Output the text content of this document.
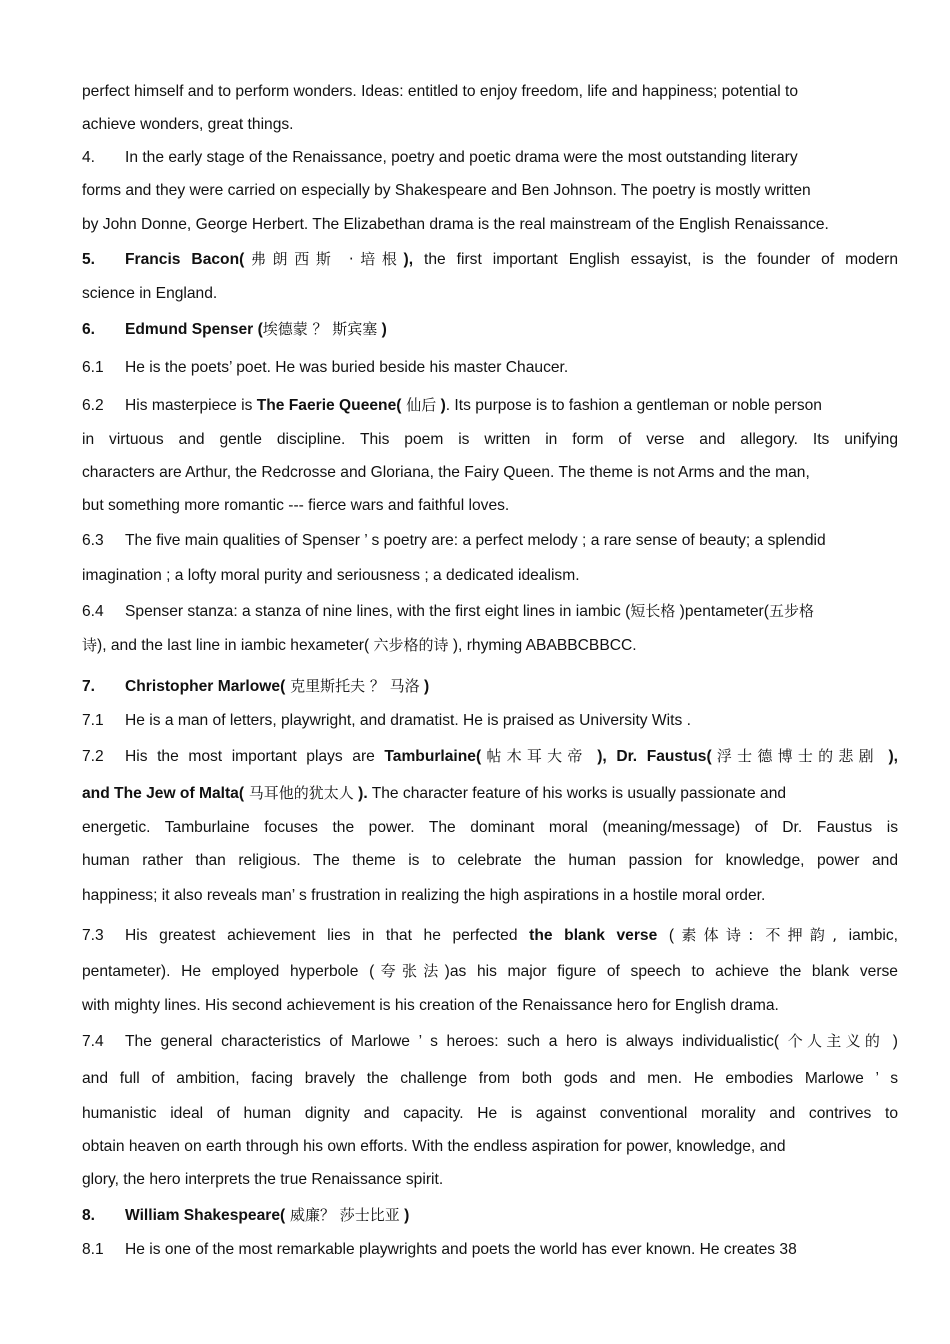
perfect himself and to perform wonders. Ideas: entitled to enjoy freedom, life and happiness; potential to
achieve wonders, great things.
4. In the early stage of the Renaissance, poetry and poetic drama were the most outstanding literary
forms and they were carried on especially by Shakespeare and Ben Johnson. The poetry is mostly written
by John Donne, George Herbert. The Elizabethan drama is the real mainstream of the English Renaissance.
5. Francis Bacon(弗朗西斯 ·培根), the first important English essayist, is the founder of modern
science in England.
6. Edmund Spenser (埃德蒙 ？ 斯宾塞 )
6.1 He is the poets’ poet. He was buried beside his master Chaucer.
6.2 His masterpiece is The Faerie Queene( 仙后 ). Its purpose is to fashion a gentleman or noble person
in virtuous and gentle discipline. This poem is written in form of verse and allegory. Its unifying
characters are Arthur, the Redcrosse and Gloriana, the Fairy Queen. The theme is not Arms and the man,
but something more romantic --- fierce wars and faithful loves.
6.3 The five main qualities of Spenser ’ s poetry are: a perfect melody ; a rare sense of beauty; a splendid
imagination ; a lofty moral purity and seriousness ; a dedicated idealism.
6.4 Spenser stanza: a stanza of nine lines, with the first eight lines in iambic (短长格 )pentameter(五步格
诗), and the last line in iambic hexameter( 六步格的诗 ), rhyming ABABBCBBCC.
7. Christopher Marlowe( 克里斯托夫 ？ 马洛 )
7.1 He is a man of letters, playwright, and dramatist. He is praised as University Wits .
7.2 His the most important plays are Tamburlaine(帖木耳大帝 ), Dr. Faustus(浮士德博士的悲剧 ),
and The Jew of Malta( 马耳他的犹太人 ). The character feature of his works is usually passionate and
energetic. Tamburlaine focuses the power. The dominant moral (meaning/message) of Dr. Faustus is
human rather than religious. The theme is to celebrate the human passion for knowledge, power and
happiness; it also reveals man’ s frustration in realizing the high aspirations in a hostile moral order.
7.3 His greatest achievement lies in that he perfected the blank verse (素体诗: 不押韵, iambic,
pentameter). He employed hyperbole (夸张法)as his major figure of speech to achieve the blank verse
with mighty lines. His second achievement is his creation of the Renaissance hero for English drama.
7.4 The general characteristics of Marlowe ’ s heroes: such a hero is always individualistic( 个人主义的 )
and full of ambition, facing bravely the challenge from both gods and men. He embodies Marlowe ’ s
humanistic ideal of human dignity and capacity. He is against conventional morality and contrives to
obtain heaven on earth through his own efforts. With the endless aspiration for power, knowledge, and
glory, the hero interprets the true Renaissance spirit.
8. William Shakespeare( 威廉？ 莎士比亚 )
8.1 He is one of the most remarkable playwrights and poets the world has ever known. He creates 38
